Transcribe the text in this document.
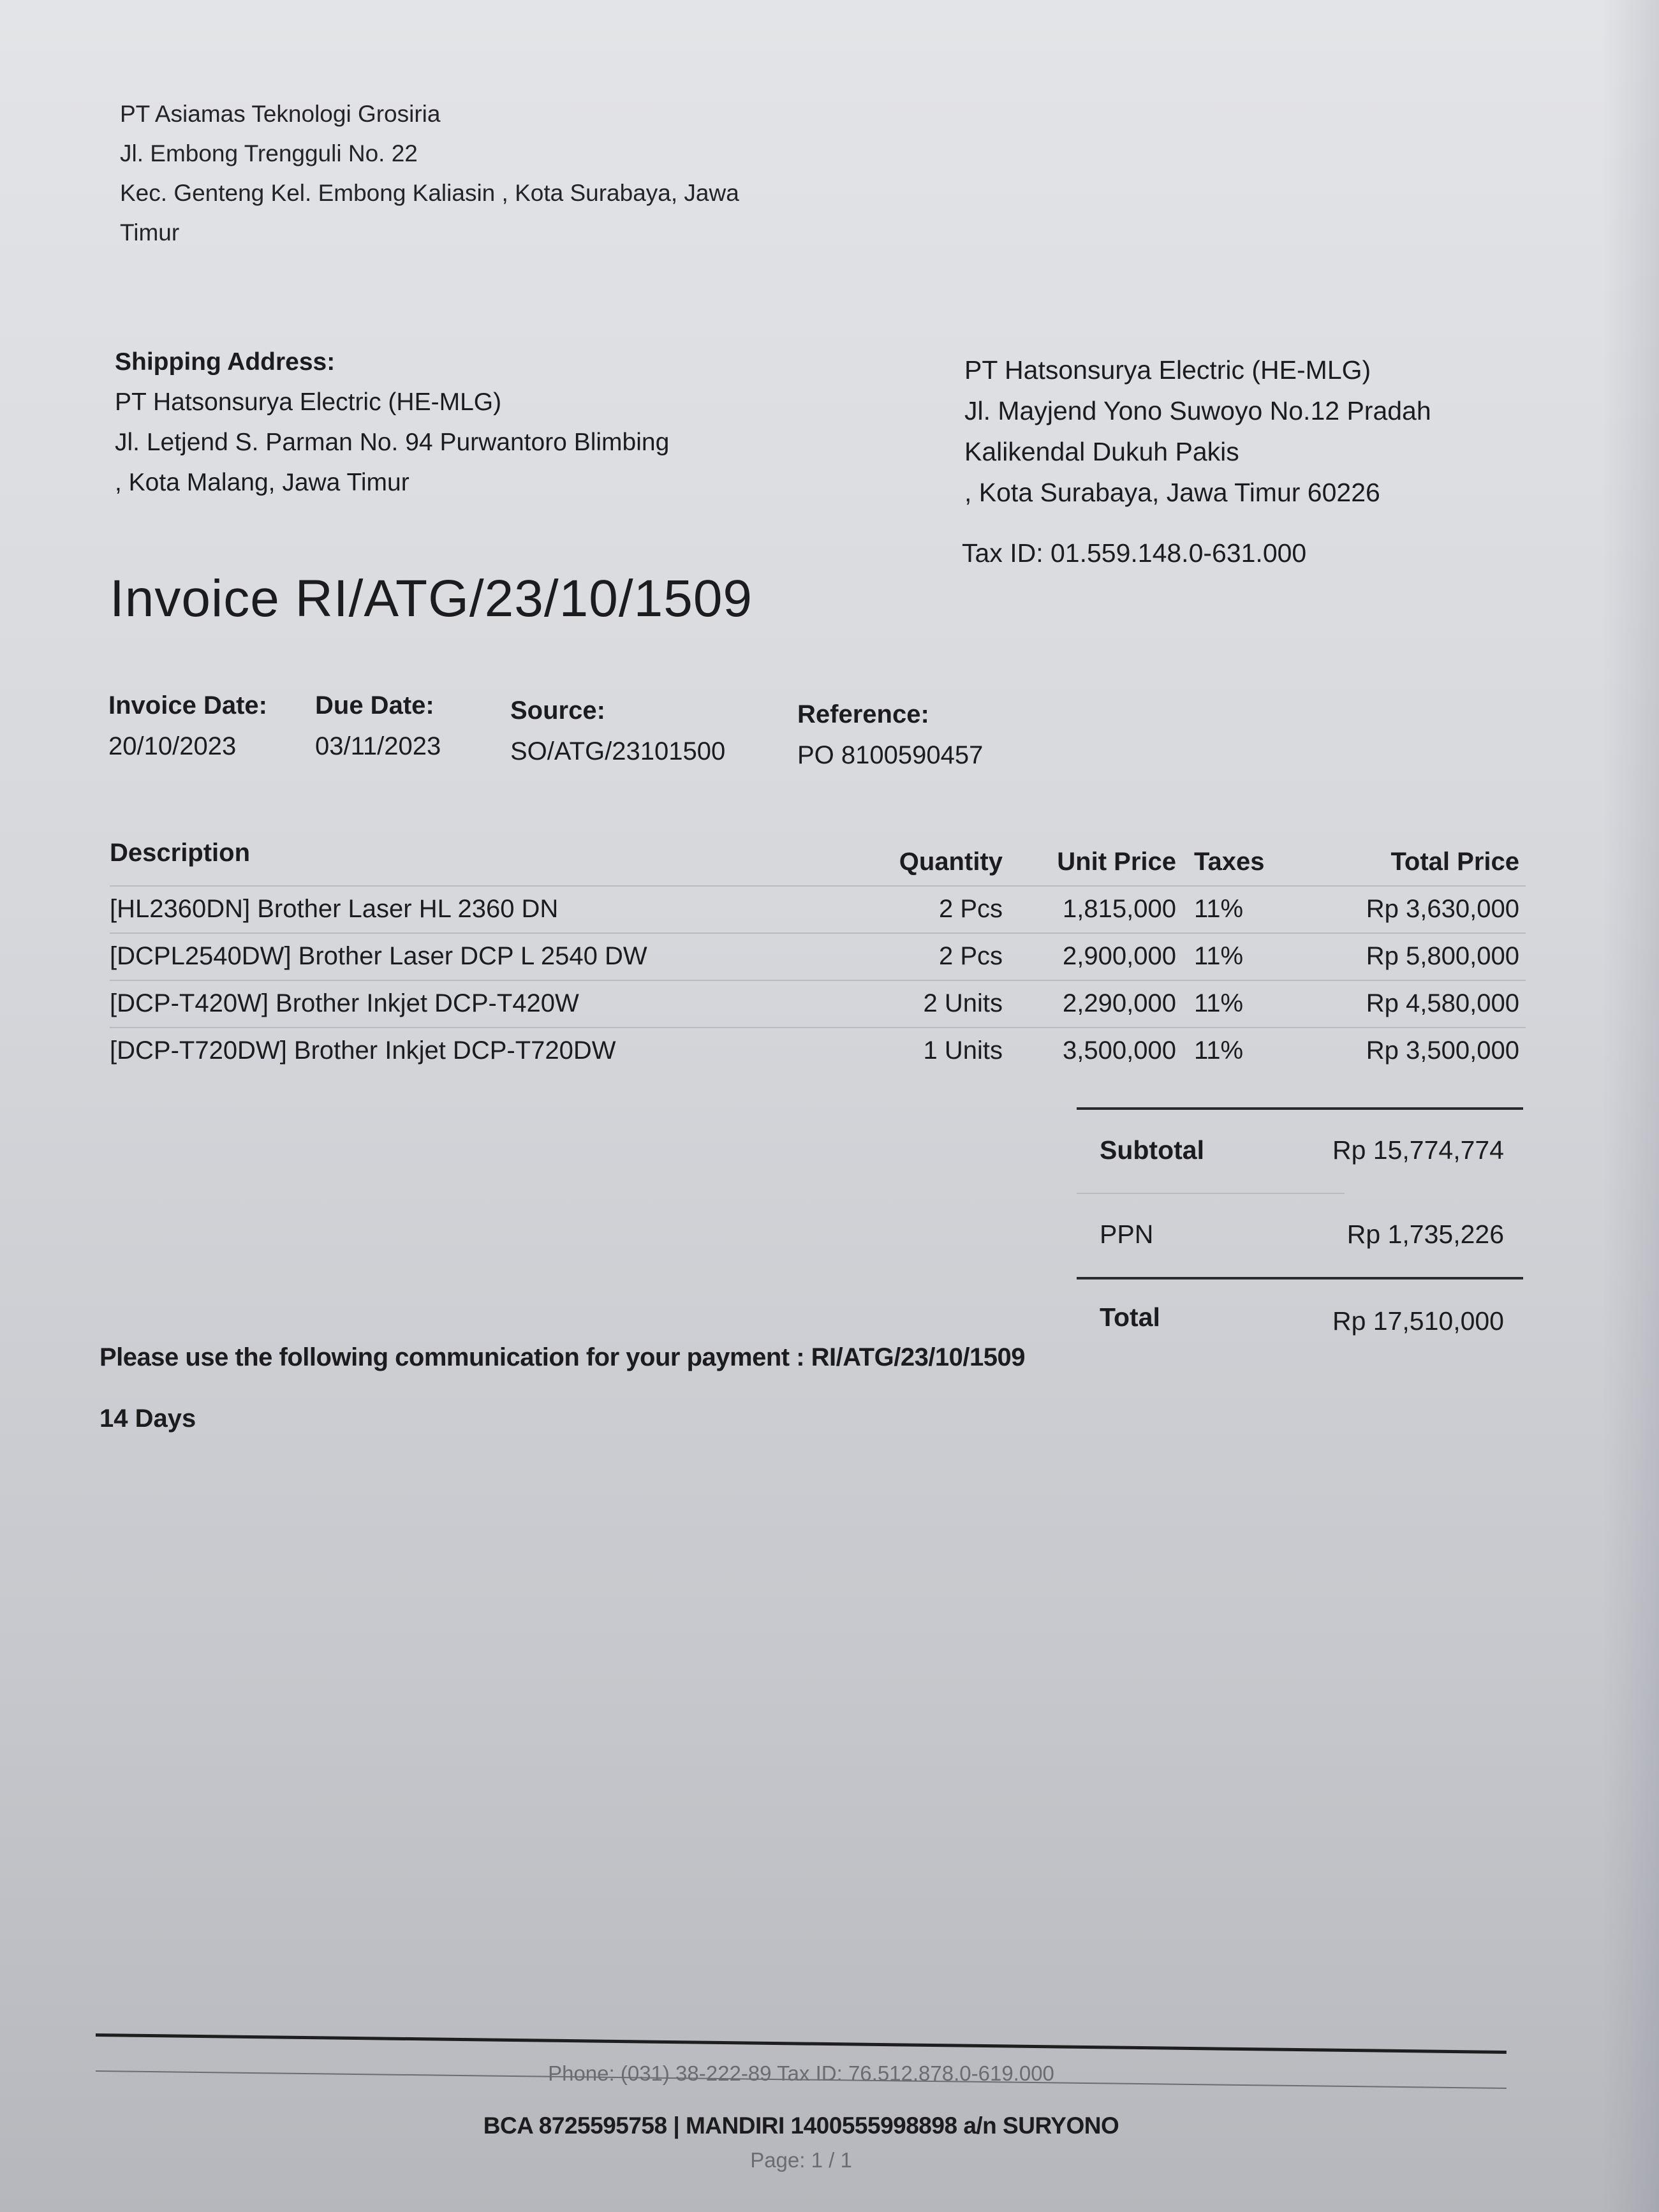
PT Asiamas Teknologi Grosiria
Jl. Embong Trengguli No. 22
Kec. Genteng Kel. Embong Kaliasin , Kota Surabaya, Jawa
Timur
Shipping Address:
PT Hatsonsurya Electric (HE-MLG)
Jl. Letjend S. Parman No. 94 Purwantoro Blimbing
, Kota Malang, Jawa Timur
PT Hatsonsurya Electric (HE-MLG)
Jl. Mayjend Yono Suwoyo No.12 Pradah
Kalikendal Dukuh Pakis
, Kota Surabaya, Jawa Timur 60226
Tax ID: 01.559.148.0-631.000
Invoice RI/ATG/23/10/1509
Invoice Date:
20/10/2023
Due Date:
03/11/2023
Source:
SO/ATG/23101500
Reference:
PO 8100590457
Description	Quantity Unit Price Taxes	Total Price
[HL2360DN] Brother Laser HL 2360 DN	2 Pcs 1,815,000 11%	Rp 3,630,000
[DCPL2540DW] Brother Laser DCP L 2540 DW	2 Pcs 2,900,000 11%	Rp 5,800,000
[DCP-T420W] Brother Inkjet DCP-T420W	2 Units 2,290,000 11%	Rp 4,580,000
[DCP-T720DW] Brother Inkjet DCP-T720DW	1 Units 3,500,000 11%	Rp 3,500,000
Subtotal	Rp 15,774,774
PPN	Rp 1,735,226
Total	Rp 17,510,000
Please use the following communication for your payment : RI/ATG/23/10/1509
14 Days
Phone: (031) 38-222-89 Tax ID: 76.512.878.0-619.000
BCA 8725595758 | MANDIRI 1400555998898 a/n SURYONO
Page: 1 / 1
